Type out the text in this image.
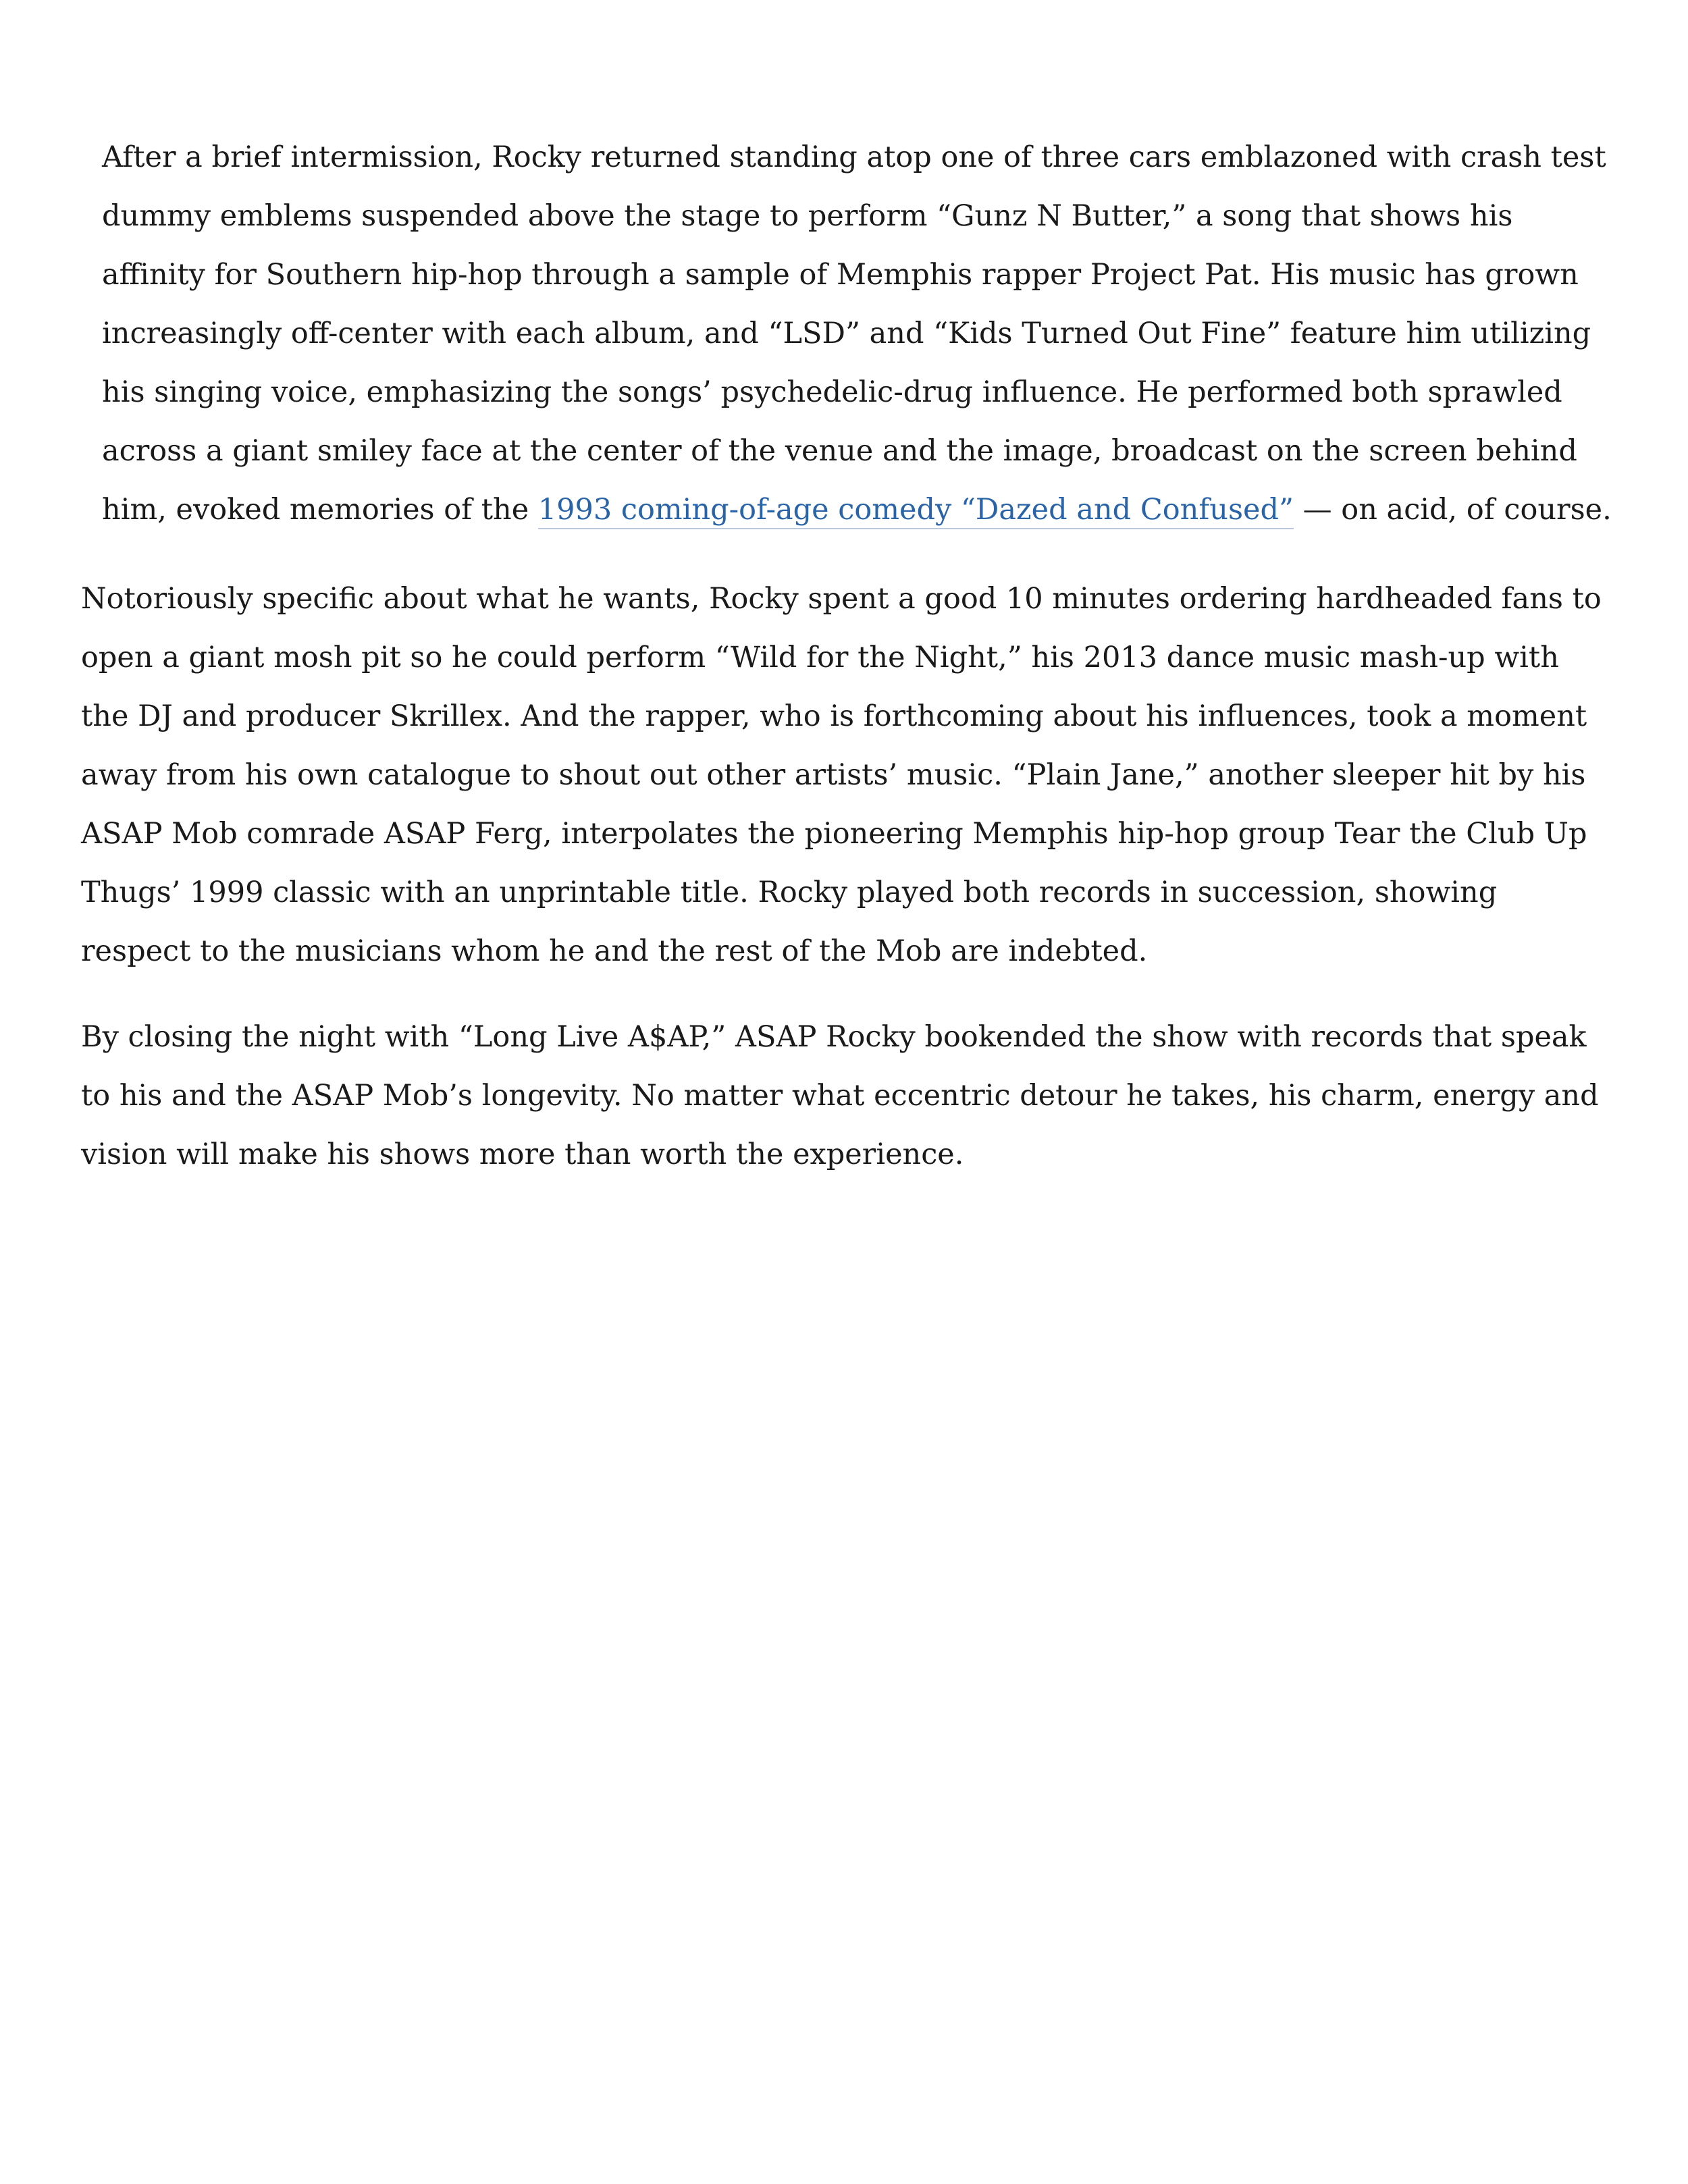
After a brief intermission, Rocky returned standing atop one of three cars emblazoned with crash test dummy emblems suspended above the stage to perform “Gunz N Butter,” a song that shows his affinity for Southern hip-hop through a sample of Memphis rapper Project Pat. His music has grown increasingly off-center with each album, and “LSD” and “Kids Turned Out Fine” feature him utilizing his singing voice, emphasizing the songs’ psychedelic-drug influence. He performed both sprawled across a giant smiley face at the center of the venue and the image, broadcast on the screen behind him, evoked memories of the 1993 coming-of-age comedy “Dazed and Confused” — on acid, of course.

Notoriously specific about what he wants, Rocky spent a good 10 minutes ordering hardheaded fans to open a giant mosh pit so he could perform “Wild for the Night,” his 2013 dance music mash-up with the DJ and producer Skrillex. And the rapper, who is forthcoming about his influences, took a moment away from his own catalogue to shout out other artists’ music. “Plain Jane,” another sleeper hit by his ASAP Mob comrade ASAP Ferg, interpolates the pioneering Memphis hip-hop group Tear the Club Up Thugs’ 1999 classic with an unprintable title. Rocky played both records in succession, showing respect to the musicians whom he and the rest of the Mob are indebted.

By closing the night with “Long Live A$AP,” ASAP Rocky bookended the show with records that speak to his and the ASAP Mob’s longevity. No matter what eccentric detour he takes, his charm, energy and vision will make his shows more than worth the experience.
